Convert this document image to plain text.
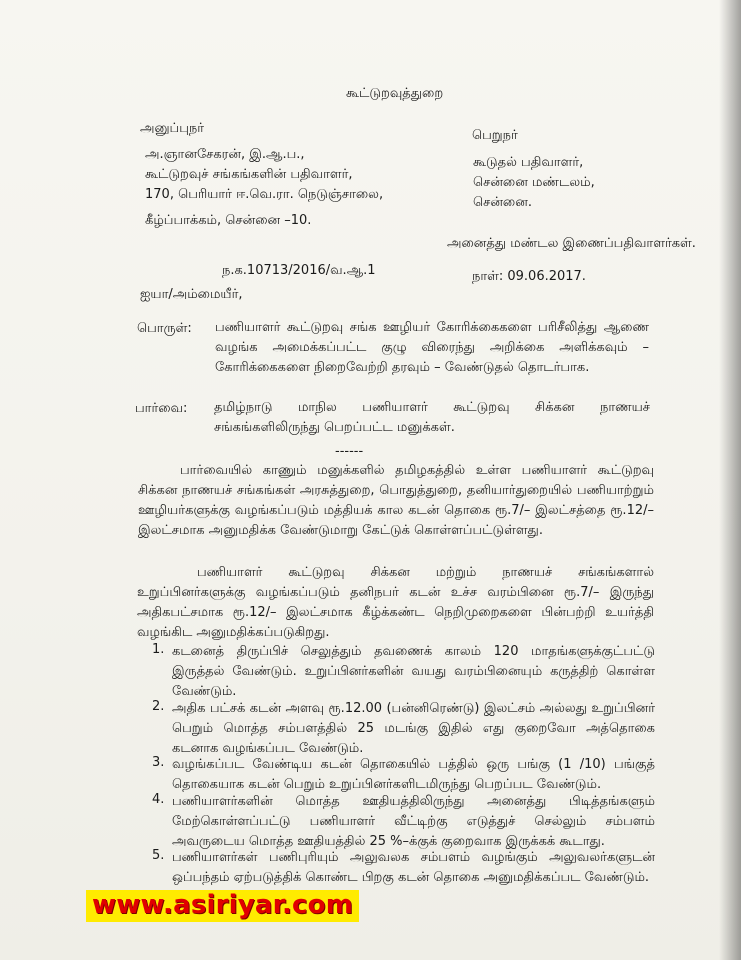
கூட்டுறவுத்துறை
அனுப்புநர்
அ.ஞானசேகரன், இ.ஆ.ப.,
கூட்டுறவுச் சங்கங்களின் பதிவாளர்,
170, பெரியார் ஈ.வெ.ரா. நெடுஞ்சாலை,
கீழ்ப்பாக்கம், சென்னை –10.
பெறுநர்
கூடுதல் பதிவாளர்,
சென்னை மண்டலம்,
சென்னை.
அனைத்து மண்டல இணைப்பதிவாளர்கள்.
ந.க.10713/2016/வ.ஆ.1	நாள்: 09.06.2017.
ஐயா/அம்மையீர்,
பொருள்: பணியாளர் கூட்டுறவு சங்க ஊழியர் கோரிக்கைகளை பரிசீலித்து ஆணை வழங்க அமைக்கப்பட்ட குழு விரைந்து அறிக்கை அளிக்கவும் – கோரிக்கைகளை நிறைவேற்றி தரவும் – வேண்டுதல் தொடர்பாக.
பார்வை: தமிழ்நாடு மாநில பணியாளர் கூட்டுறவு சிக்கன நாணயச் சங்கங்களிலிருந்து பெறப்பட்ட மனுக்கள்.
------
பார்வையில் காணும் மனுக்களில் தமிழகத்தில் உள்ள பணியாளர் கூட்டுறவு சிக்கன நாணயச் சங்கங்கள் அரசுத்துறை, பொதுத்துறை, தனியார்துறையில் பணியாற்றும் ஊழியர்களுக்கு வழங்கப்படும் மத்தியக் கால கடன் தொகை ரூ.7/– இலட்சத்தை ரூ.12/– இலட்சமாக அனுமதிக்க வேண்டுமாறு கேட்டுக் கொள்ளப்பட்டுள்ளது.
பணியாளர் கூட்டுறவு சிக்கன மற்றும் நாணயச் சங்கங்களால் உறுப்பினர்களுக்கு வழங்கப்படும் தனிநபர் கடன் உச்ச வரம்பினை ரூ.7/– இருந்து அதிகபட்சமாக ரூ.12/– இலட்சமாக கீழ்க்கண்ட நெறிமுறைகளை பின்பற்றி உயர்த்தி வழங்கிட அனுமதிக்கப்படுகிறது.
1. கடனைத் திருப்பிச் செலுத்தும் தவணைக் காலம் 120 மாதங்களுக்குட்பட்டு இருத்தல் வேண்டும். உறுப்பினர்களின் வயது வரம்பினையும் கருத்திற் கொள்ள வேண்டும்.
2. அதிக பட்சக் கடன் அளவு ரூ.12.00 (பன்னிரெண்டு) இலட்சம் அல்லது உறுப்பினர் பெறும் மொத்த சம்பளத்தில் 25 மடங்கு இதில் எது குறைவோ அத்தொகை கடனாக வழங்கப்பட வேண்டும்.
3. வழங்கப்பட வேண்டிய கடன் தொகையில் பத்தில் ஒரு பங்கு (1 /10) பங்குத் தொகையாக கடன் பெறும் உறுப்பினர்களிடமிருந்து பெறப்பட வேண்டும்.
4. பணியாளர்களின் மொத்த ஊதியத்திலிருந்து அனைத்து பிடித்தங்களும் மேற்கொள்ளப்பட்டு பணியாளர் வீட்டிற்கு எடுத்துச் செல்லும் சம்பளம் அவருடைய மொத்த ஊதியத்தில் 25 %–க்குக் குறைவாக இருக்கக் கூடாது.
5. பணியாளர்கள் பணிபுரியும் அலுவலக சம்பளம் வழங்கும் அலுவலர்களுடன் ஒப்பந்தம் ஏற்படுத்திக் கொண்ட பிறகு கடன் தொகை அனுமதிக்கப்பட வேண்டும்.
www.asiriyar.com
